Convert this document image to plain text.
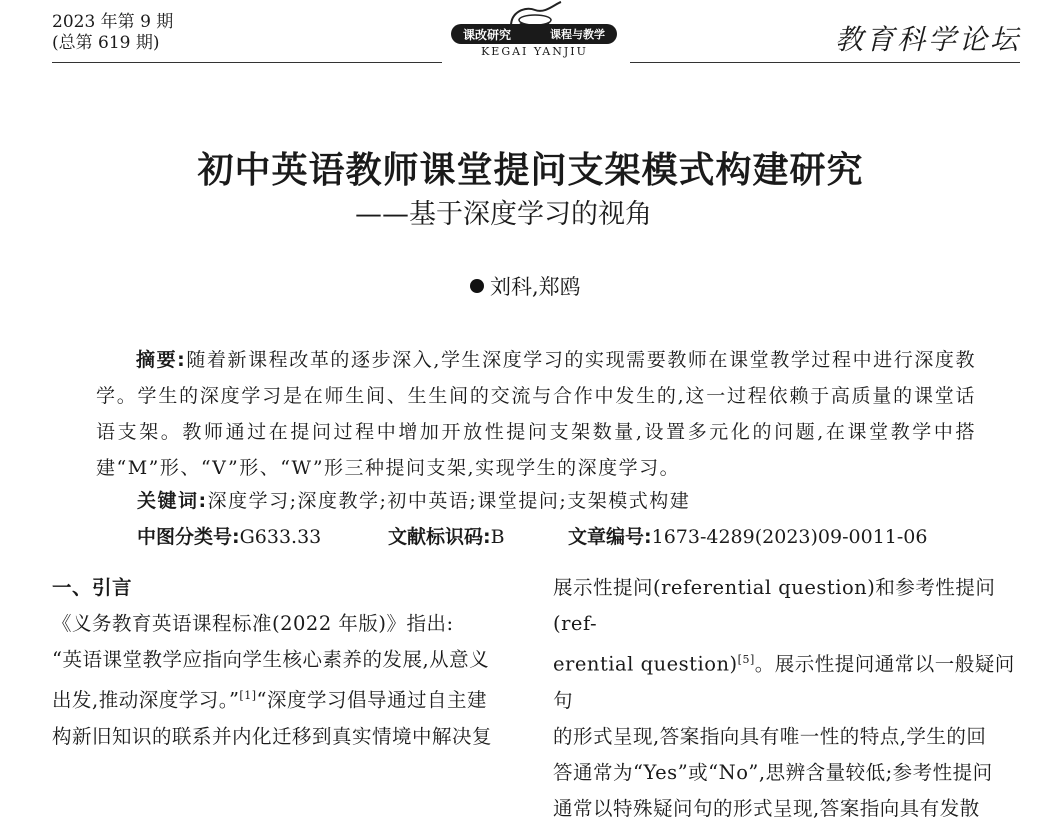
2023 年第 9 期
(总第 619 期)	课改研究	课程与教学
KEGAI YANJIU	教育科学论坛
初中英语教师课堂提问支架模式构建研究
——基于深度学习的视角
刘科,郑鸥
摘要:随着新课程改革的逐步深入,学生深度学习的实现需要教师在课堂教学过程中进行深度教学。学生的深度学习是在师生间、生生间的交流与合作中发生的,这一过程依赖于高质量的课堂话语支架。教师通过在提问过程中增加开放性提问支架数量,设置多元化的问题,在课堂教学中搭建“M”形、“V”形、“W”形三种提问支架,实现学生的深度学习。
关键词:深度学习;深度教学;初中英语;课堂提问;支架模式构建
中图分类号:G633.33	文献标识码:B	文章编号:1673-4289(2023)09-0011-06

一、引言

《义务教育英语课程标准(2022 年版)》指出:

“英语课堂教学应指向学生核心素养的发展,从意义

出发,推动深度学习。”[1]“深度学习倡导通过自主建

构新旧知识的联系并内化迁移到真实情境中解决复

展示性提问(referential question)和参考性提问(ref-

erential question)[5]。展示性提问通常以一般疑问句

的形式呈现,答案指向具有唯一性的特点,学生的回

答通常为“Yes”或“No”,思辨含量较低;参考性提问

通常以特殊疑问句的形式呈现,答案指向具有发散
